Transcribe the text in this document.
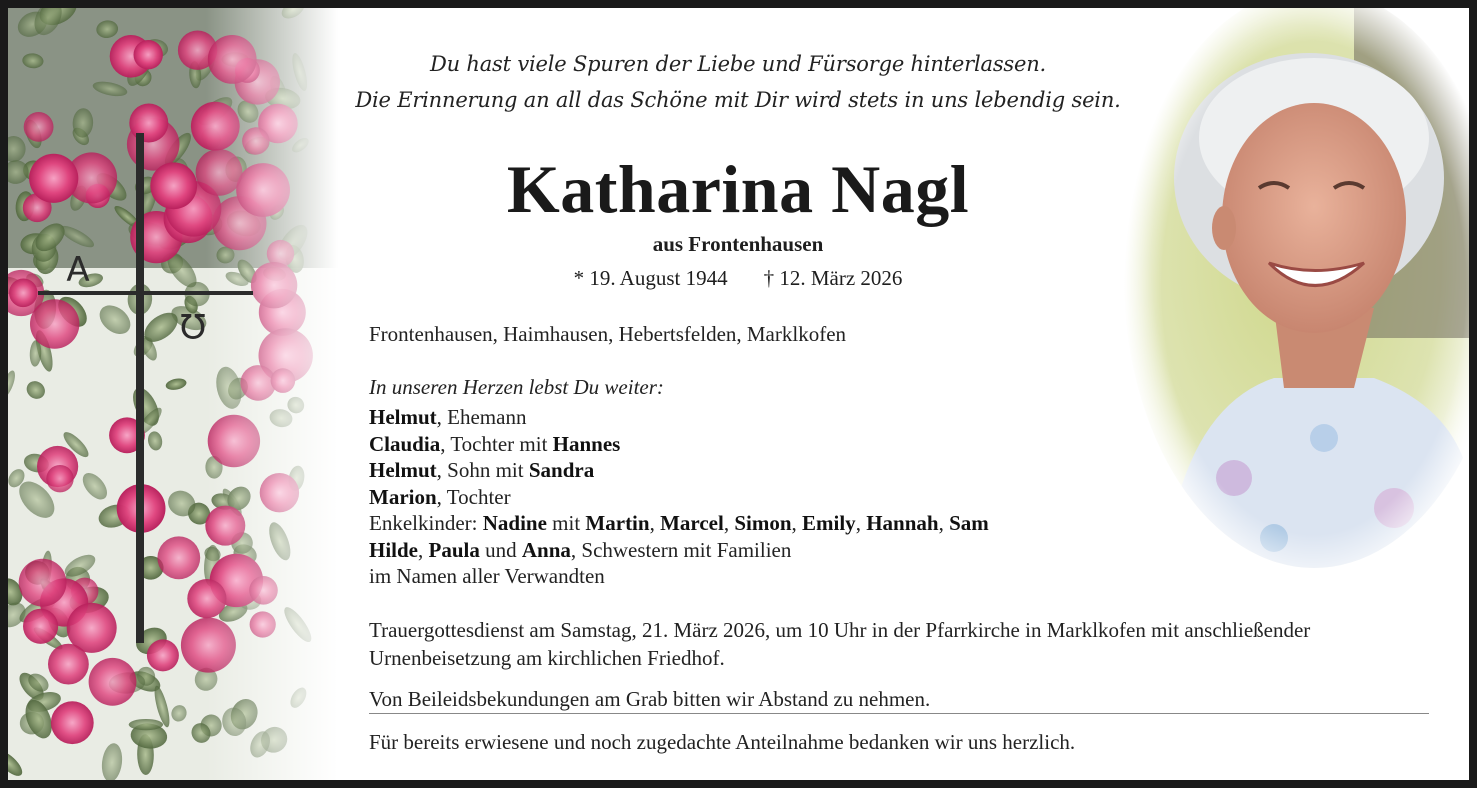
A
Ω
Du hast viele Spuren der Liebe und Fürsorge hinterlassen.
Die Erinnerung an all das Schöne mit Dir wird stets in uns lebendig sein.
Katharina Nagl
aus Frontenhausen
* 19. August 1944 † 12. März 2026
Frontenhausen, Haimhausen, Hebertsfelden, Marklkofen
In unseren Herzen lebst Du weiter:
Helmut, Ehemann
Claudia, Tochter mit Hannes
Helmut, Sohn mit Sandra
Marion, Tochter
Enkelkinder: Nadine mit Martin, Marcel, Simon, Emily, Hannah, Sam
Hilde, Paula und Anna, Schwestern mit Familien
im Namen aller Verwandten
Trauergottesdienst am Samstag, 21. März 2026, um 10 Uhr in der Pfarrkirche in Marklkofen mit anschließender
Urnenbeisetzung am kirchlichen Friedhof.
Von Beileidsbekundungen am Grab bitten wir Abstand zu nehmen.
Für bereits erwiesene und noch zugedachte Anteilnahme bedanken wir uns herzlich.
